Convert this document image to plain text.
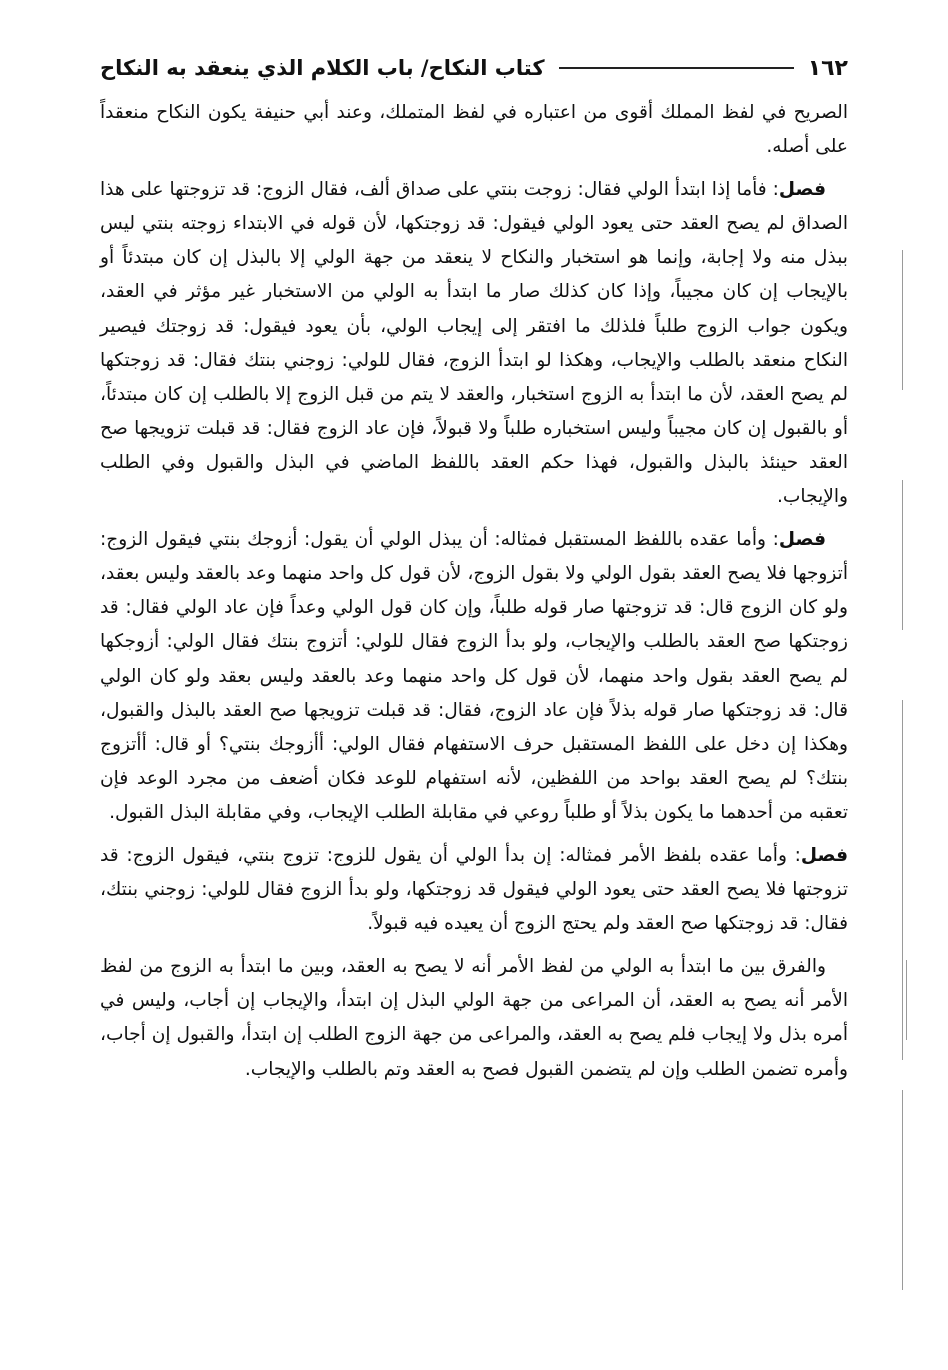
١٦٢
كتاب النكاح/ باب الكلام الذي ينعقد به النكاح

الصريح في لفظ المملك أقوى من اعتباره في لفظ المتملك، وعند أبي حنيفة يكون النكاح منعقداً على أصله.

فصل: فأما إذا ابتدأ الولي فقال: زوجت بنتي على صداق ألف، فقال الزوج: قد تزوجتها على هذا الصداق لم يصح العقد حتى يعود الولي فيقول: قد زوجتكها، لأن قوله في الابتداء زوجته بنتي ليس ببذل منه ولا إجابة، وإنما هو استخبار والنكاح لا ينعقد من جهة الولي إلا بالبذل إن كان مبتدئاً أو بالإيجاب إن كان مجيباً، وإذا كان كذلك صار ما ابتدأ به الولي من الاستخبار غير مؤثر في العقد، ويكون جواب الزوج طلباً فلذلك ما افتقر إلى إيجاب الولي، بأن يعود فيقول: قد زوجتك فيصير النكاح منعقد بالطلب والإيجاب، وهكذا لو ابتدأ الزوج، فقال للولي: زوجني بنتك فقال: قد زوجتكها لم يصح العقد، لأن ما ابتدأ به الزوج استخبار، والعقد لا يتم من قبل الزوج إلا بالطلب إن كان مبتدئاً، أو بالقبول إن كان مجيباً وليس استخباره طلباً ولا قبولاً، فإن عاد الزوج فقال: قد قبلت تزويجها صح العقد حينئذ بالبذل والقبول، فهذا حكم العقد باللفظ الماضي في البذل والقبول وفي الطلب والإيجاب.

فصل: وأما عقده باللفظ المستقبل فمثاله: أن يبذل الولي أن يقول: أزوجك بنتي فيقول الزوج: أتزوجها فلا يصح العقد بقول الولي ولا بقول الزوج، لأن قول كل واحد منهما وعد بالعقد وليس بعقد، ولو كان الزوج قال: قد تزوجتها صار قوله طلباً، وإن كان قول الولي وعداً فإن عاد الولي فقال: قد زوجتكها صح العقد بالطلب والإيجاب، ولو بدأ الزوج فقال للولي: أتزوج بنتك فقال الولي: أزوجكها لم يصح العقد بقول واحد منهما، لأن قول كل واحد منهما وعد بالعقد وليس بعقد ولو كان الولي قال: قد زوجتكها صار قوله بذلاً فإن عاد الزوج، فقال: قد قبلت تزويجها صح العقد بالبذل والقبول، وهكذا إن دخل على اللفظ المستقبل حرف الاستفهام فقال الولي: أأزوجك بنتي؟ أو قال: أأتزوج بنتك؟ لم يصح العقد بواحد من اللفظين، لأنه استفهام للوعد فكان أضعف من مجرد الوعد فإن تعقبه من أحدهما ما يكون بذلاً أو طلباً روعي في مقابلة الطلب الإيجاب، وفي مقابلة البذل القبول.

فصل: وأما عقده بلفظ الأمر فمثاله: إن بدأ الولي أن يقول للزوج: تزوج بنتي، فيقول الزوج: قد تزوجتها فلا يصح العقد حتى يعود الولي فيقول قد زوجتكها، ولو بدأ الزوج فقال للولي: زوجني بنتك، فقال: قد زوجتكها صح العقد ولم يحتج الزوج أن يعيده فيه قبولاً.

والفرق بين ما ابتدأ به الولي من لفظ الأمر أنه لا يصح به العقد، وبين ما ابتدأ به الزوج من لفظ الأمر أنه يصح به العقد، أن المراعى من جهة الولي البذل إن ابتدأ، والإيجاب إن أجاب، وليس في أمره بذل ولا إيجاب فلم يصح به العقد، والمراعى من جهة الزوج الطلب إن ابتدأ، والقبول إن أجاب، وأمره تضمن الطلب وإن لم يتضمن القبول فصح به العقد وتم بالطلب والإيجاب.
